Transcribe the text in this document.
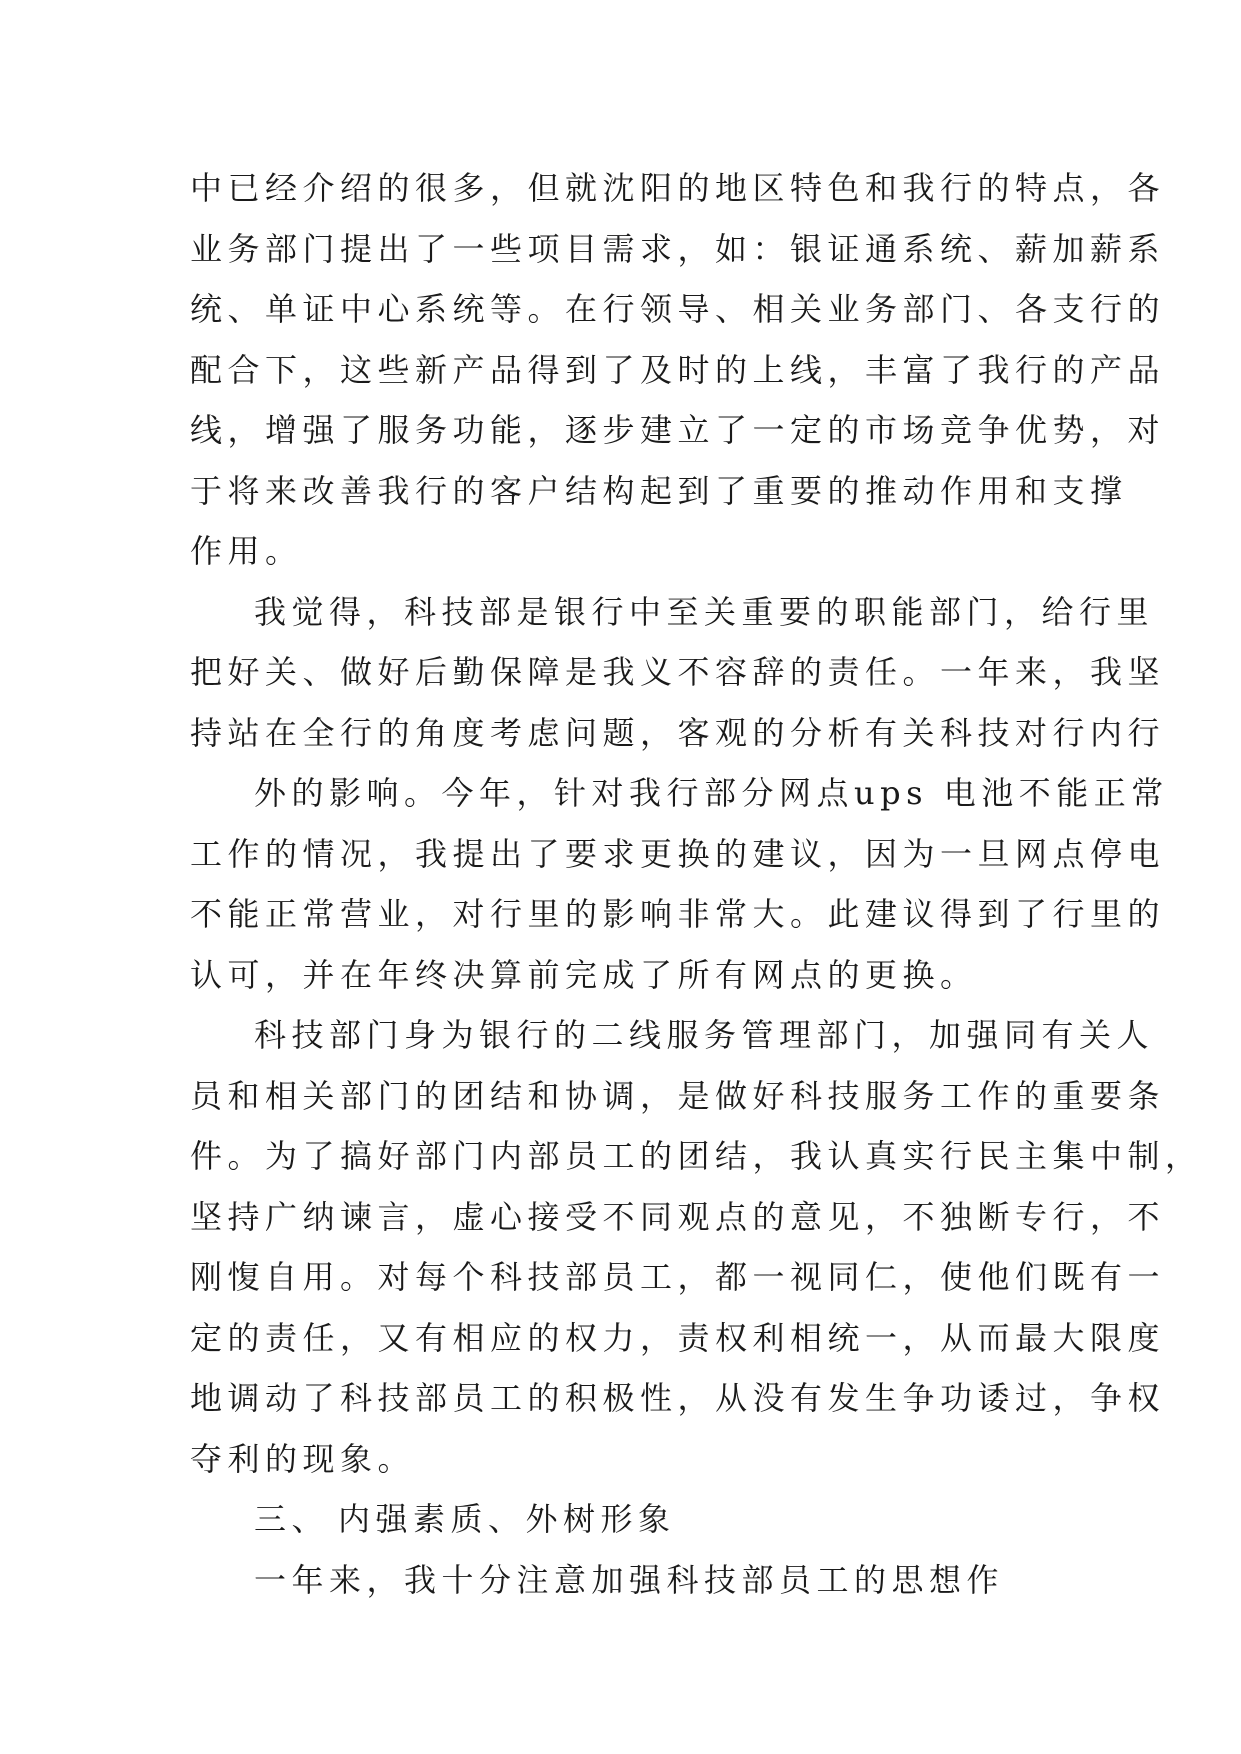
中已经介绍的很多，但就沈阳的地区特色和我行的特点，各
业务部门提出了一些项目需求，如：银证通系统、薪加薪系
统、单证中心系统等。在行领导、相关业务部门、各支行的
配合下，这些新产品得到了及时的上线，丰富了我行的产品
线，增强了服务功能，逐步建立了一定的市场竞争优势，对
于将来改善我行的客户结构起到了重要的推动作用和支撑
作用。
我觉得，科技部是银行中至关重要的职能部门，给行里
把好关、做好后勤保障是我义不容辞的责任。一年来，我坚
持站在全行的角度考虑问题，客观的分析有关科技对行内行
外的影响。今年，针对我行部分网点ups 电池不能正常
工作的情况，我提出了要求更换的建议，因为一旦网点停电
不能正常营业，对行里的影响非常大。此建议得到了行里的
认可，并在年终决算前完成了所有网点的更换。
科技部门身为银行的二线服务管理部门，加强同有关人
员和相关部门的团结和协调，是做好科技服务工作的重要条
件。为了搞好部门内部员工的团结，我认真实行民主集中制，
坚持广纳谏言，虚心接受不同观点的意见，不独断专行，不
刚愎自用。对每个科技部员工，都一视同仁，使他们既有一
定的责任，又有相应的权力，责权利相统一，从而最大限度
地调动了科技部员工的积极性，从没有发生争功诿过，争权
夺利的现象。
三、 内强素质、外树形象
一年来，我十分注意加强科技部员工的思想作
